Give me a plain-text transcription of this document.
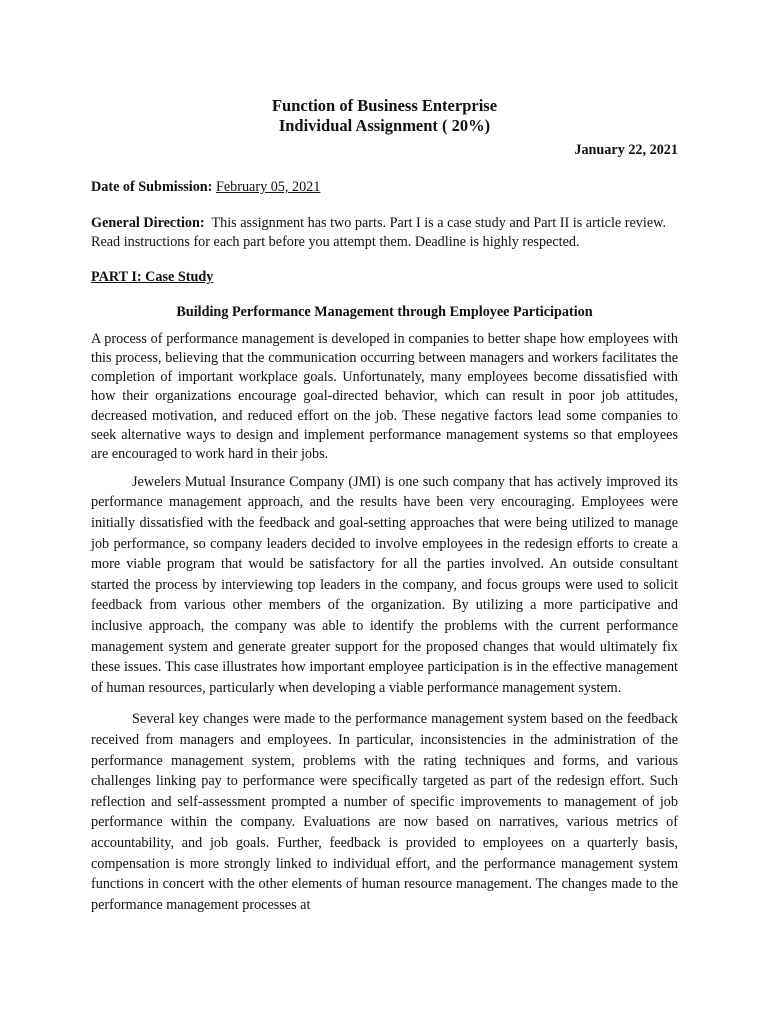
Function of Business Enterprise
Individual Assignment ( 20%)
January 22, 2021
Date of Submission: February 05, 2021
General Direction: This assignment has two parts. Part I is a case study and Part II is article review. Read instructions for each part before you attempt them. Deadline is highly respected.
PART I: Case Study
Building Performance Management through Employee Participation

A process of performance management is developed in companies to better shape how employees with this process, believing that the communication occurring between managers and workers facilitates the completion of important workplace goals. Unfortunately, many employees become dissatisfied with how their organizations encourage goal-directed behavior, which can result in poor job attitudes, decreased motivation, and reduced effort on the job. These negative factors lead some companies to seek alternative ways to design and implement performance management systems so that employees are encouraged to work hard in their jobs.

Jewelers Mutual Insurance Company (JMI) is one such company that has actively improved its performance management approach, and the results have been very encouraging. Employees were initially dissatisfied with the feedback and goal-setting approaches that were being utilized to manage job performance, so company leaders decided to involve employees in the redesign efforts to create a more viable program that would be satisfactory for all the parties involved. An outside consultant started the process by interviewing top leaders in the company, and focus groups were used to solicit feedback from various other members of the organization. By utilizing a more participative and inclusive approach, the company was able to identify the problems with the current performance management system and generate greater support for the proposed changes that would ultimately fix these issues. This case illustrates how important employee participation is in the effective management of human resources, particularly when developing a viable performance management system.

Several key changes were made to the performance management system based on the feedback received from managers and employees. In particular, inconsistencies in the administration of the performance management system, problems with the rating techniques and forms, and various challenges linking pay to performance were specifically targeted as part of the redesign effort. Such reflection and self-assessment prompted a number of specific improvements to management of job performance within the company. Evaluations are now based on narratives, various metrics of accountability, and job goals. Further, feedback is provided to employees on a quarterly basis, compensation is more strongly linked to individual effort, and the performance management system functions in concert with the other elements of human resource management. The changes made to the performance management processes at
